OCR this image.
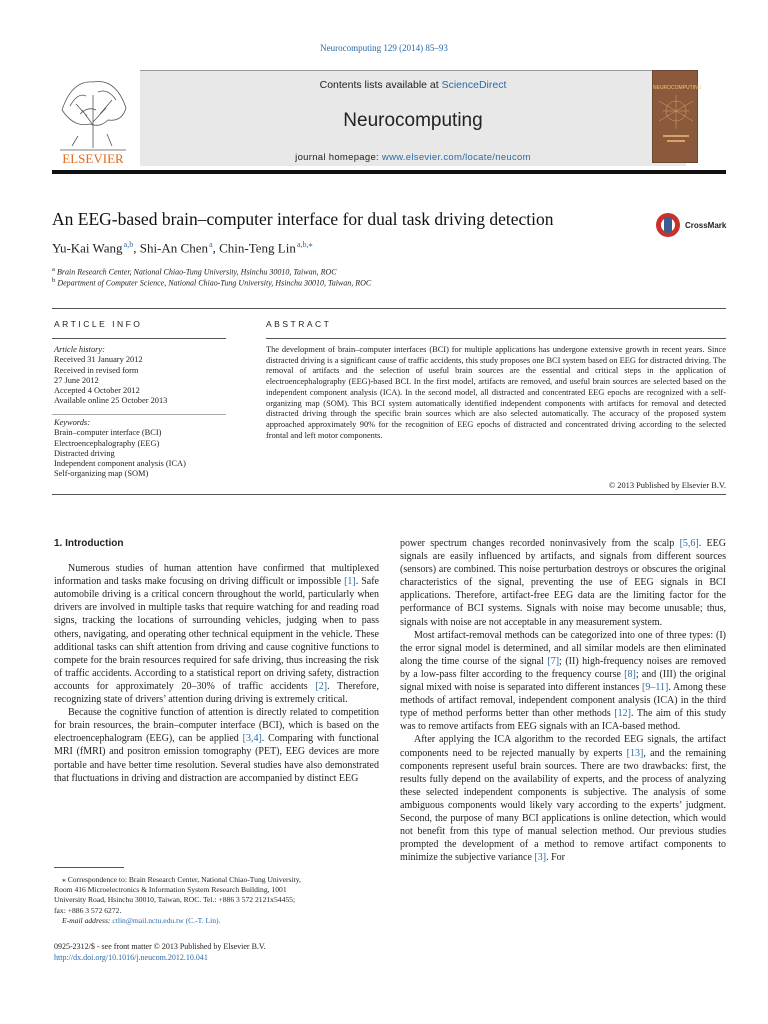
Neurocomputing 129 (2014) 85–93
ELSEVIER
Contents lists available at ScienceDirect
Neurocomputing
journal homepage: www.elsevier.com/locate/neucom
NEUROCOMPUTING
An EEG-based brain–computer interface for dual task driving detection	CrossMark
Yu-Kai Wang $^{a,b}$, Shi-An Chen $^a$, Chin-Teng Lin $^{a,b,⁎}$
$^a$ Brain Research Center, National Chiao-Tung University, Hsinchu 30010, Taiwan, ROC
$^b$ Department of Computer Science, National Chiao-Tung University, Hsinchu 30010, Taiwan, ROC
ARTICLE INFO	ABSTRACT
Article history:
Received 31 January 2012
Received in revised form
27 June 2012
Accepted 4 October 2012
Available online 25 October 2013
Keywords:
Brain–computer interface (BCI)
Electroencephalography (EEG)
Distracted driving
Independent component analysis (ICA)
Self-organizing map (SOM)
The development of brain–computer interfaces (BCI) for multiple applications has undergone extensive growth in recent years. Since distracted driving is a significant cause of traffic accidents, this study proposes one BCI system based on EEG for distracted driving. The removal of artifacts and the selection of useful brain sources are the essential and critical steps in the application of electroencephalography (EEG)-based BCI. In the first model, artifacts are removed, and useful brain sources are selected based on the independent component analysis (ICA). In the second model, all distracted and concentrated EEG epochs are recognized with a self-organizing map (SOM). This BCI system automatically identified independent components with artifacts for removal and detected distracted driving through the specific brain sources which are also selected automatically. The accuracy of the proposed system approached approximately 90% for the recognition of EEG epochs of distracted and concentrated driving according to the selected frontal and left motor components.
© 2013 Published by Elsevier B.V.
1. Introduction

Numerous studies of human attention have confirmed that multiplexed information and tasks make focusing on driving difficult or impossible [1]. Safe automobile driving is a critical concern throughout the world, particularly when drivers are involved in multiple tasks that require watching for and reading road signs, tracking the locations of surrounding vehicles, judging when to pass others, navigating, and operating other technical equipment in the vehicle. These additional tasks can shift attention from driving and cause cognitive functions to compete for the brain resources required for safe driving, thus increasing the risk of traffic accidents. According to a statistical report on driving safety, distraction accounts for approximately 20–30% of traffic accidents [2]. Therefore, recognizing state of drivers’ attention during driving is extremely critical.

Because the cognitive function of attention is directly related to competition for brain resources, the brain–computer interface (BCI), which is based on the electroencephalogram (EEG), can be applied [3,4]. Comparing with functional MRI (fMRI) and positron emission tomography (PET), EEG devices are more portable and have better time resolution. Several studies have also demonstrated that fluctuations in driving and distraction are accompanied by distinct EEG

power spectrum changes recorded noninvasively from the scalp [5,6]. EEG signals are easily influenced by artifacts, and signals from different sources (sensors) are combined. This noise perturbation destroys or obscures the original characteristics of the signal, preventing the use of EEG signals in BCI applications. Therefore, artifact-free EEG data are the limiting factor for the performance of BCI systems. Signals with noise may become unusable; thus, signals with noise are not acceptable in any measurement system.

Most artifact-removal methods can be categorized into one of three types: (I) the error signal model is determined, and all similar models are then eliminated along the time course of the signal [7]; (II) high-frequency noises are removed by a low-pass filter according to the frequency course [8]; and (III) the original signal mixed with noise is separated into different instances [9–11]. Among these methods of artifact removal, independent component analysis (ICA) in the third type of method performs better than other methods [12]. The aim of this study was to remove artifacts from EEG signals with an ICA-based method.

After applying the ICA algorithm to the recorded EEG signals, the artifact components need to be rejected manually by experts [13], and the remaining components represent useful brain sources. There are two drawbacks: first, the results fully depend on the availability of experts, and the process of analyzing these selected independent components is subjective. The analysis of some ambiguous components would likely vary according to the experts’ judgment. Second, the purpose of many BCI applications is online detection, which would not benefit from this type of manual selection method. Our previous studies prompted the development of a method to remove artifact components to minimize the subjective variance [3]. For

⁎ Correspondence to: Brain Research Center, National Chiao-Tung University,
Room 416 Microelectronics & Information System Research Building, 1001
University Road, Hsinchu 30010, Taiwan, ROC. Tel.: +886 3 572 2121x54455;
fax: +886 3 572 6272.
E-mail address: ctlin@mail.nctu.edu.tw (C.-T. Lin).
0925-2312/$ - see front matter © 2013 Published by Elsevier B.V.
http://dx.doi.org/10.1016/j.neucom.2012.10.041
